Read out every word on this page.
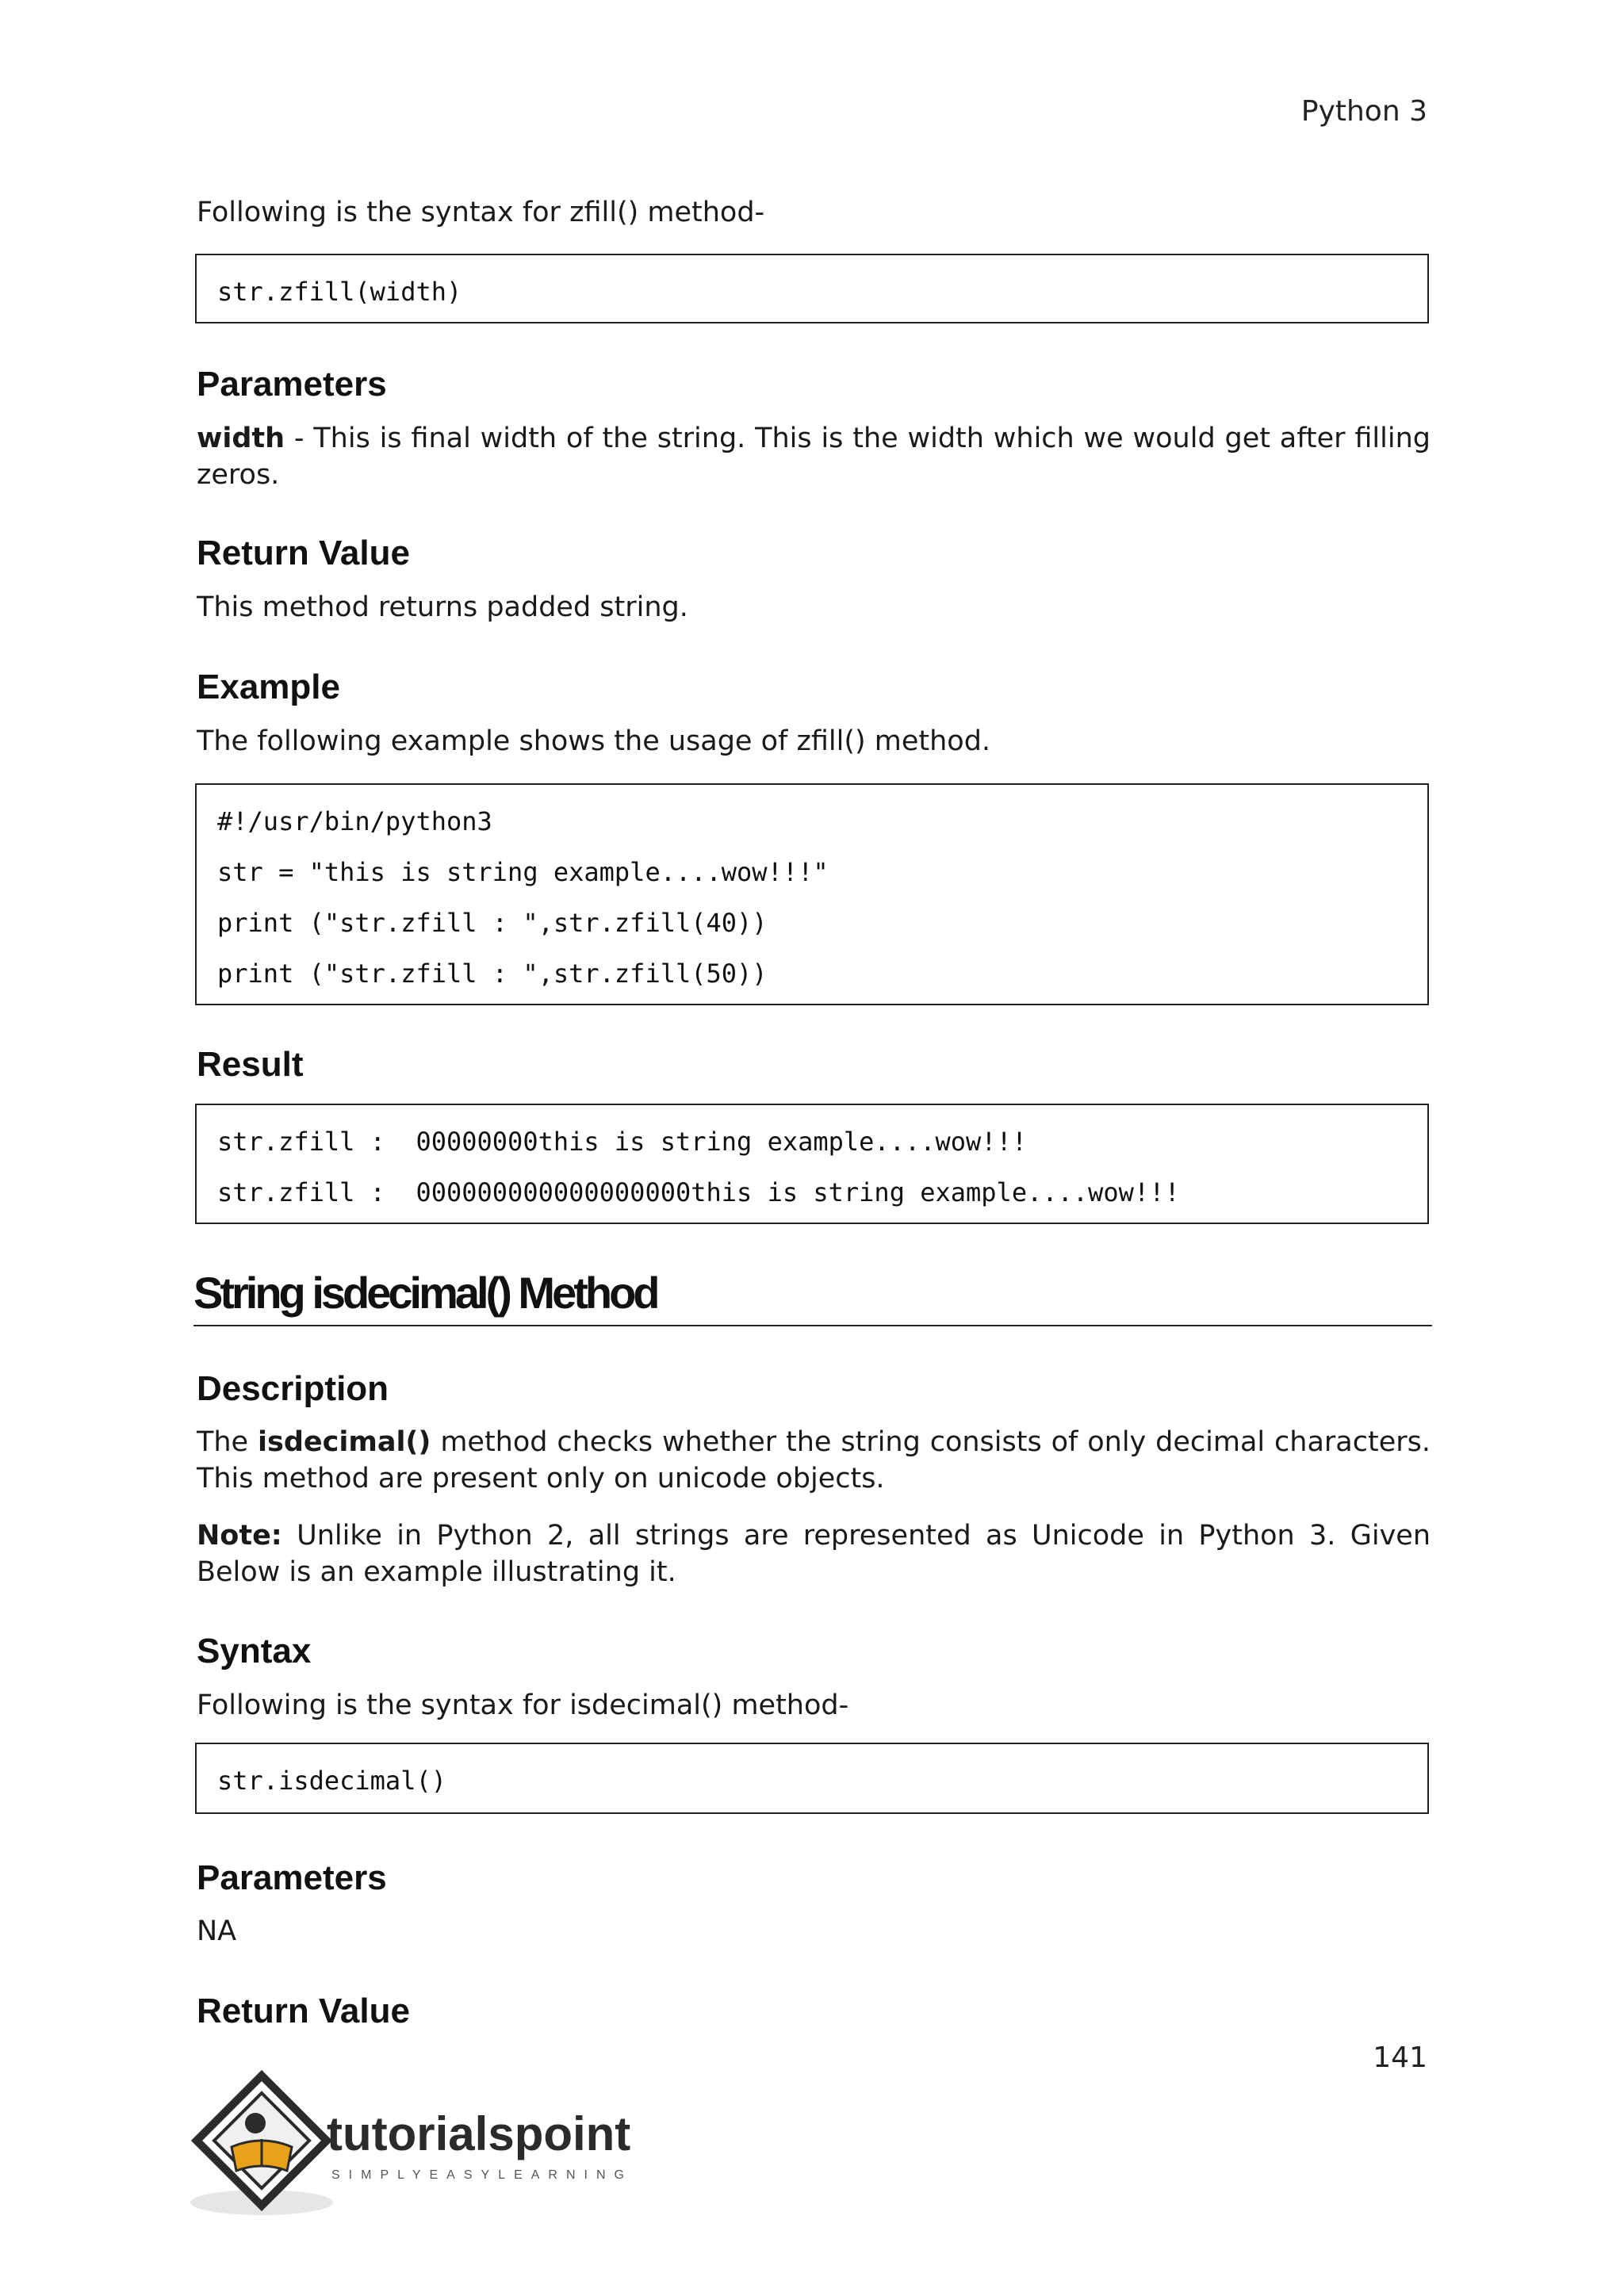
Python 3

Following is the syntax for zfill() method-

str.zfill(width)
Parameters

width - This is final width of the string. This is the width which we would get after filling zeros.

Return Value

This method returns padded string.

Example

The following example shows the usage of zfill() method.

#!/usr/bin/python3
str = "this is string example....wow!!!"
print ("str.zfill : ",str.zfill(40))
print ("str.zfill : ",str.zfill(50))
Result
str.zfill :  00000000this is string example....wow!!!
str.zfill :  000000000000000000this is string example....wow!!!
String isdecimal() Method
Description

The isdecimal() method checks whether the string consists of only decimal characters. This method are present only on unicode objects.

Note: Unlike in Python 2, all strings are represented as Unicode in Python 3. Given Below is an example illustrating it.

Syntax

Following is the syntax for isdecimal() method-

str.isdecimal()
Parameters

NA

Return Value
141
tutorialspoint
SIMPLYEASYLEARNING
